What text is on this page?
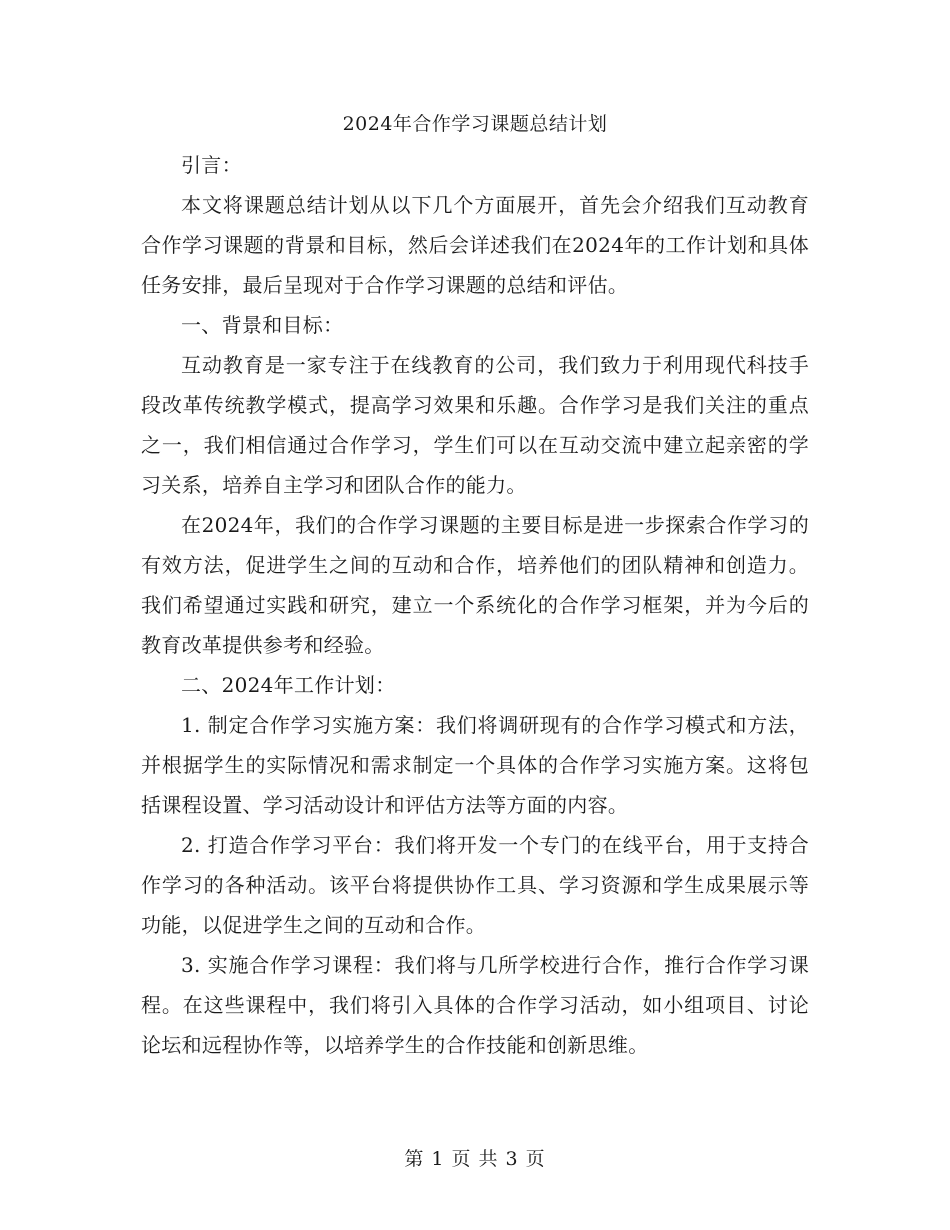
2024年合作学习课题总结计划

引言：

本文将课题总结计划从以下几个方面展开，首先会介绍我们互动教育合作学习课题的背景和目标，然后会详述我们在2024年的工作计划和具体任务安排，最后呈现对于合作学习课题的总结和评估。

一、背景和目标：

互动教育是一家专注于在线教育的公司，我们致力于利用现代科技手段改革传统教学模式，提高学习效果和乐趣。合作学习是我们关注的重点之一，我们相信通过合作学习，学生们可以在互动交流中建立起亲密的学习关系，培养自主学习和团队合作的能力。

在2024年，我们的合作学习课题的主要目标是进一步探索合作学习的有效方法，促进学生之间的互动和合作，培养他们的团队精神和创造力。我们希望通过实践和研究，建立一个系统化的合作学习框架，并为今后的教育改革提供参考和经验。

二、2024年工作计划：

1. 制定合作学习实施方案：我们将调研现有的合作学习模式和方法，并根据学生的实际情况和需求制定一个具体的合作学习实施方案。这将包括课程设置、学习活动设计和评估方法等方面的内容。

2. 打造合作学习平台：我们将开发一个专门的在线平台，用于支持合作学习的各种活动。该平台将提供协作工具、学习资源和学生成果展示等功能，以促进学生之间的互动和合作。

3. 实施合作学习课程：我们将与几所学校进行合作，推行合作学习课程。在这些课程中，我们将引入具体的合作学习活动，如小组项目、讨论论坛和远程协作等，以培养学生的合作技能和创新思维。

第 1 页 共 3 页
